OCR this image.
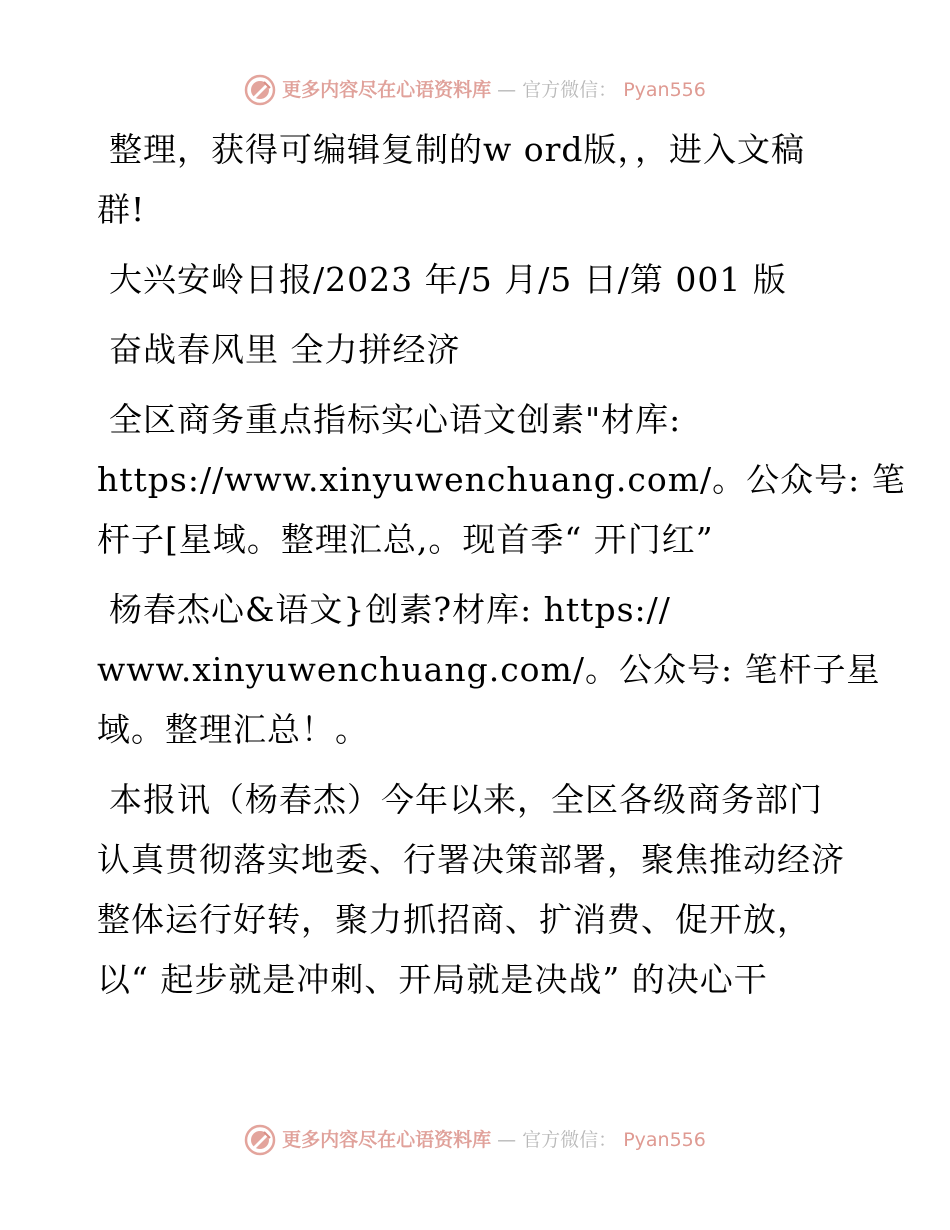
更多内容尽在心语资料库 — 官方微信： Pyan556
整理，获得可编辑复制的w ord版，，进入文稿
群!
大兴安岭日报/2023 年/5 月/5 日/第 001 版
奋战春风里 全力拼经济
全区商务重点指标实心语文创素"材库:
https://www.xinyuwenchuang.com/。公众号: 笔
杆子[星域。整理汇总,。现首季“ 开门红”
杨春杰心&语文}创素?材库: https://
www.xinyuwenchuang.com/。公众号: 笔杆子星
域。整理汇总！。
本报讯（杨春杰）今年以来，全区各级商务部门
认真贯彻落实地委、行署决策部署，聚焦推动经济
整体运行好转，聚力抓招商、扩消费、促开放，
以“ 起步就是冲刺、开局就是决战” 的决心干
更多内容尽在心语资料库 — 官方微信： Pyan556
